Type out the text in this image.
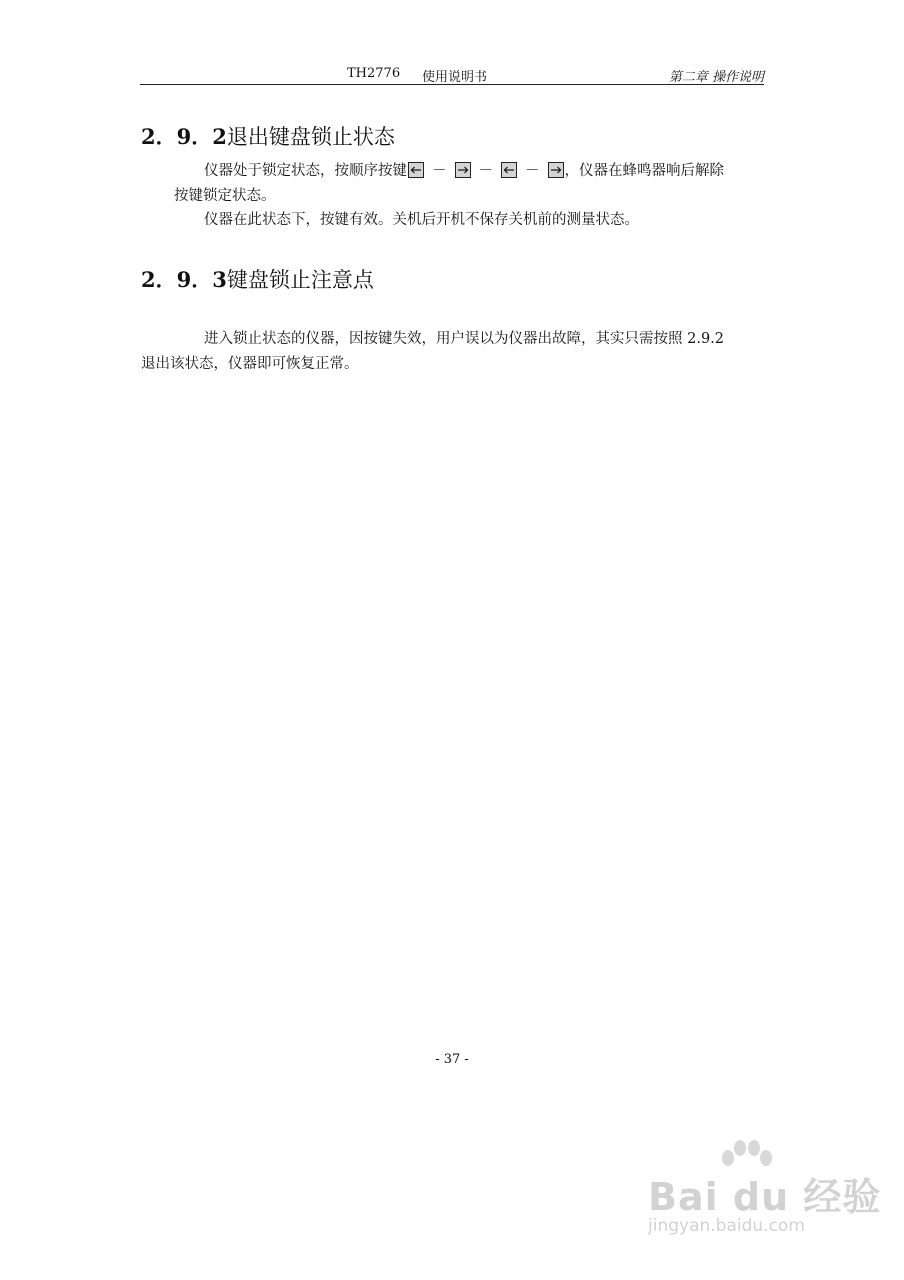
TH2776 使用说明书	第二章 操作说明
2．9．2退出键盘锁止状态
仪器处于锁定状态，按顺序按键 － － － ，仪器在蜂鸣器响后解除
按键锁定状态。
仪器在此状态下，按键有效。关机后开机不保存关机前的测量状态。
2．9．3键盘锁止注意点
进入锁止状态的仪器，因按键失效，用户误以为仪器出故障，其实只需按照 2.9.2
退出该状态，仪器即可恢复正常。
- 37 -
Bai du 经验
jingyan.baidu.com
